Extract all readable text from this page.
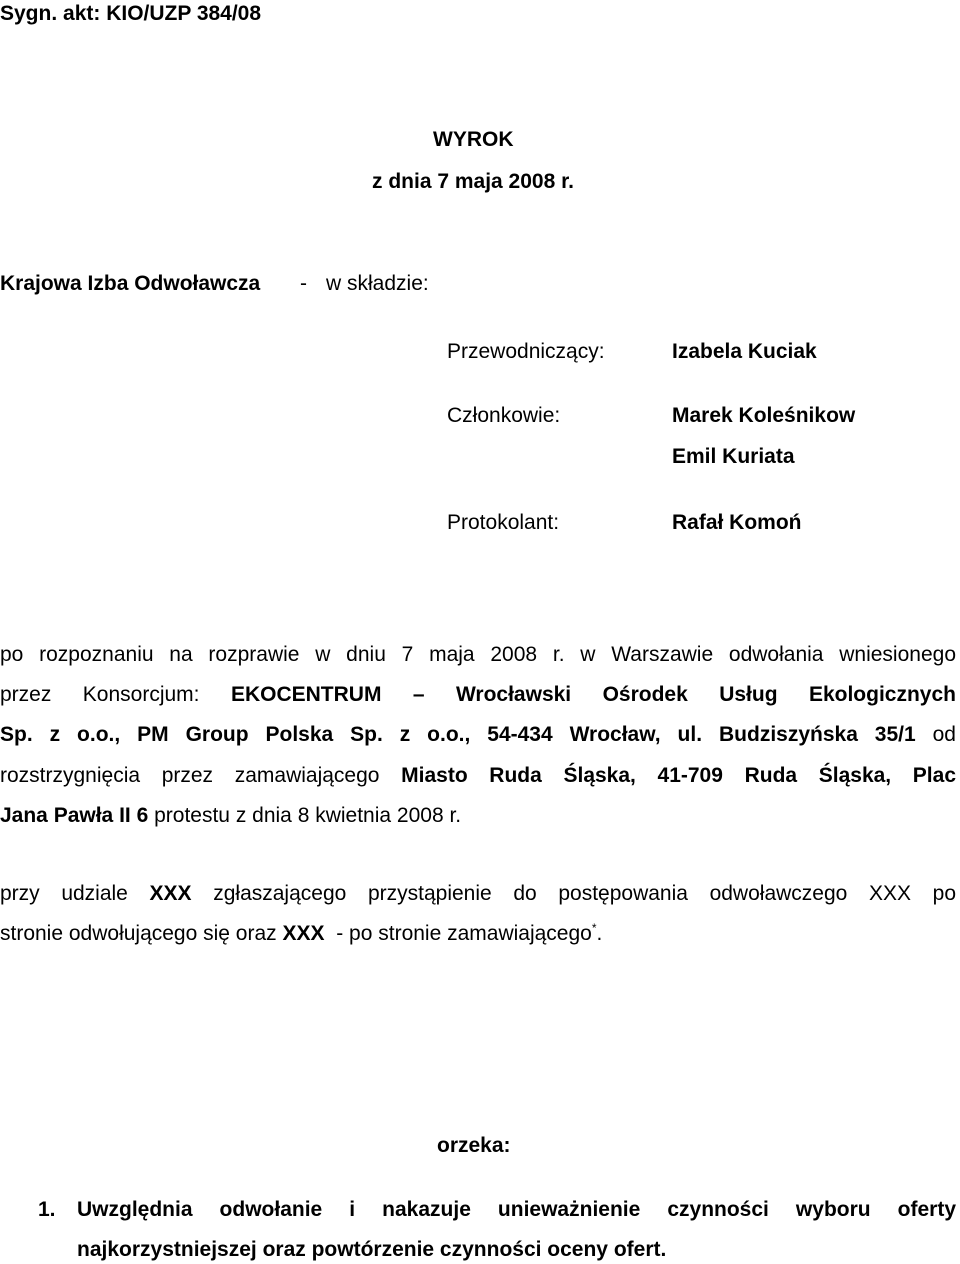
Sygn. akt: KIO/UZP 384/08
WYROK
z dnia 7 maja 2008 r.
Krajowa Izba Odwoławcza - w składzie:
Przewodniczący:	Izabela Kuciak
Członkowie:	Marek Koleśnikow
Emil Kuriata
Protokolant:	Rafał Komoń
po rozpoznaniu na rozprawie w dniu 7 maja 2008 r. w Warszawie odwołania wniesionego
przez Konsorcjum: EKOCENTRUM – Wrocławski Ośrodek Usług Ekologicznych
Sp. z o.o., PM Group Polska Sp. z o.o., 54-434 Wrocław, ul. Budziszyńska 35/1 od
rozstrzygnięcia przez zamawiającego Miasto Ruda Śląska, 41-709 Ruda Śląska, Plac
Jana Pawła II 6 protestu z dnia 8 kwietnia 2008 r.
przy udziale XXX zgłaszającego przystąpienie do postępowania odwoławczego XXX po
stronie odwołującego się oraz XXX - po stronie zamawiającego*.
orzeka:
1. Uwzględnia odwołanie i nakazuje unieważnienie czynności wyboru oferty
najkorzystniejszej oraz powtórzenie czynności oceny ofert.
